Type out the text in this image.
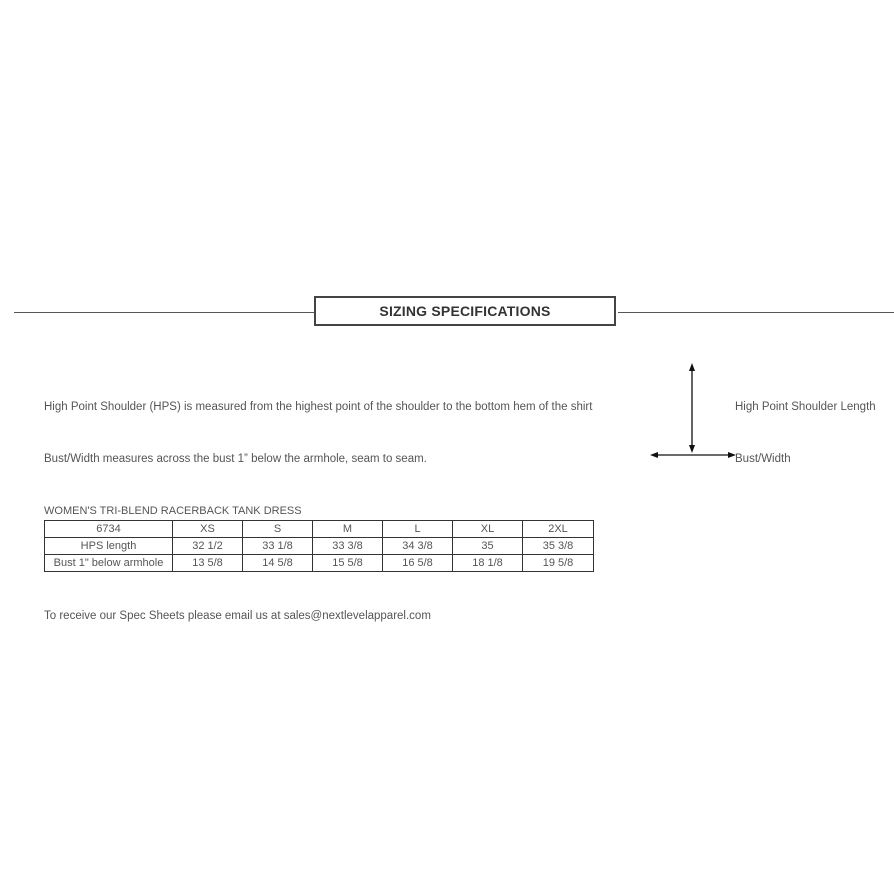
SIZING SPECIFICATIONS
High Point Shoulder (HPS) is measured from the highest point of the shoulder to the bottom hem of the shirt
Bust/Width measures across the bust 1” below the armhole, seam to seam.
High Point Shoulder Length
Bust/Width
WOMEN'S TRI-BLEND RACERBACK TANK DRESS
6734	XS	S	M	L	XL	2XL
HPS length	32 1/2	33 1/8	33 3/8	34 3/8	35	35 3/8
Bust 1" below armhole	13 5/8	14 5/8	15 5/8	16 5/8	18 1/8	19 5/8
To receive our Spec Sheets please email us at sales@nextlevelapparel.com
